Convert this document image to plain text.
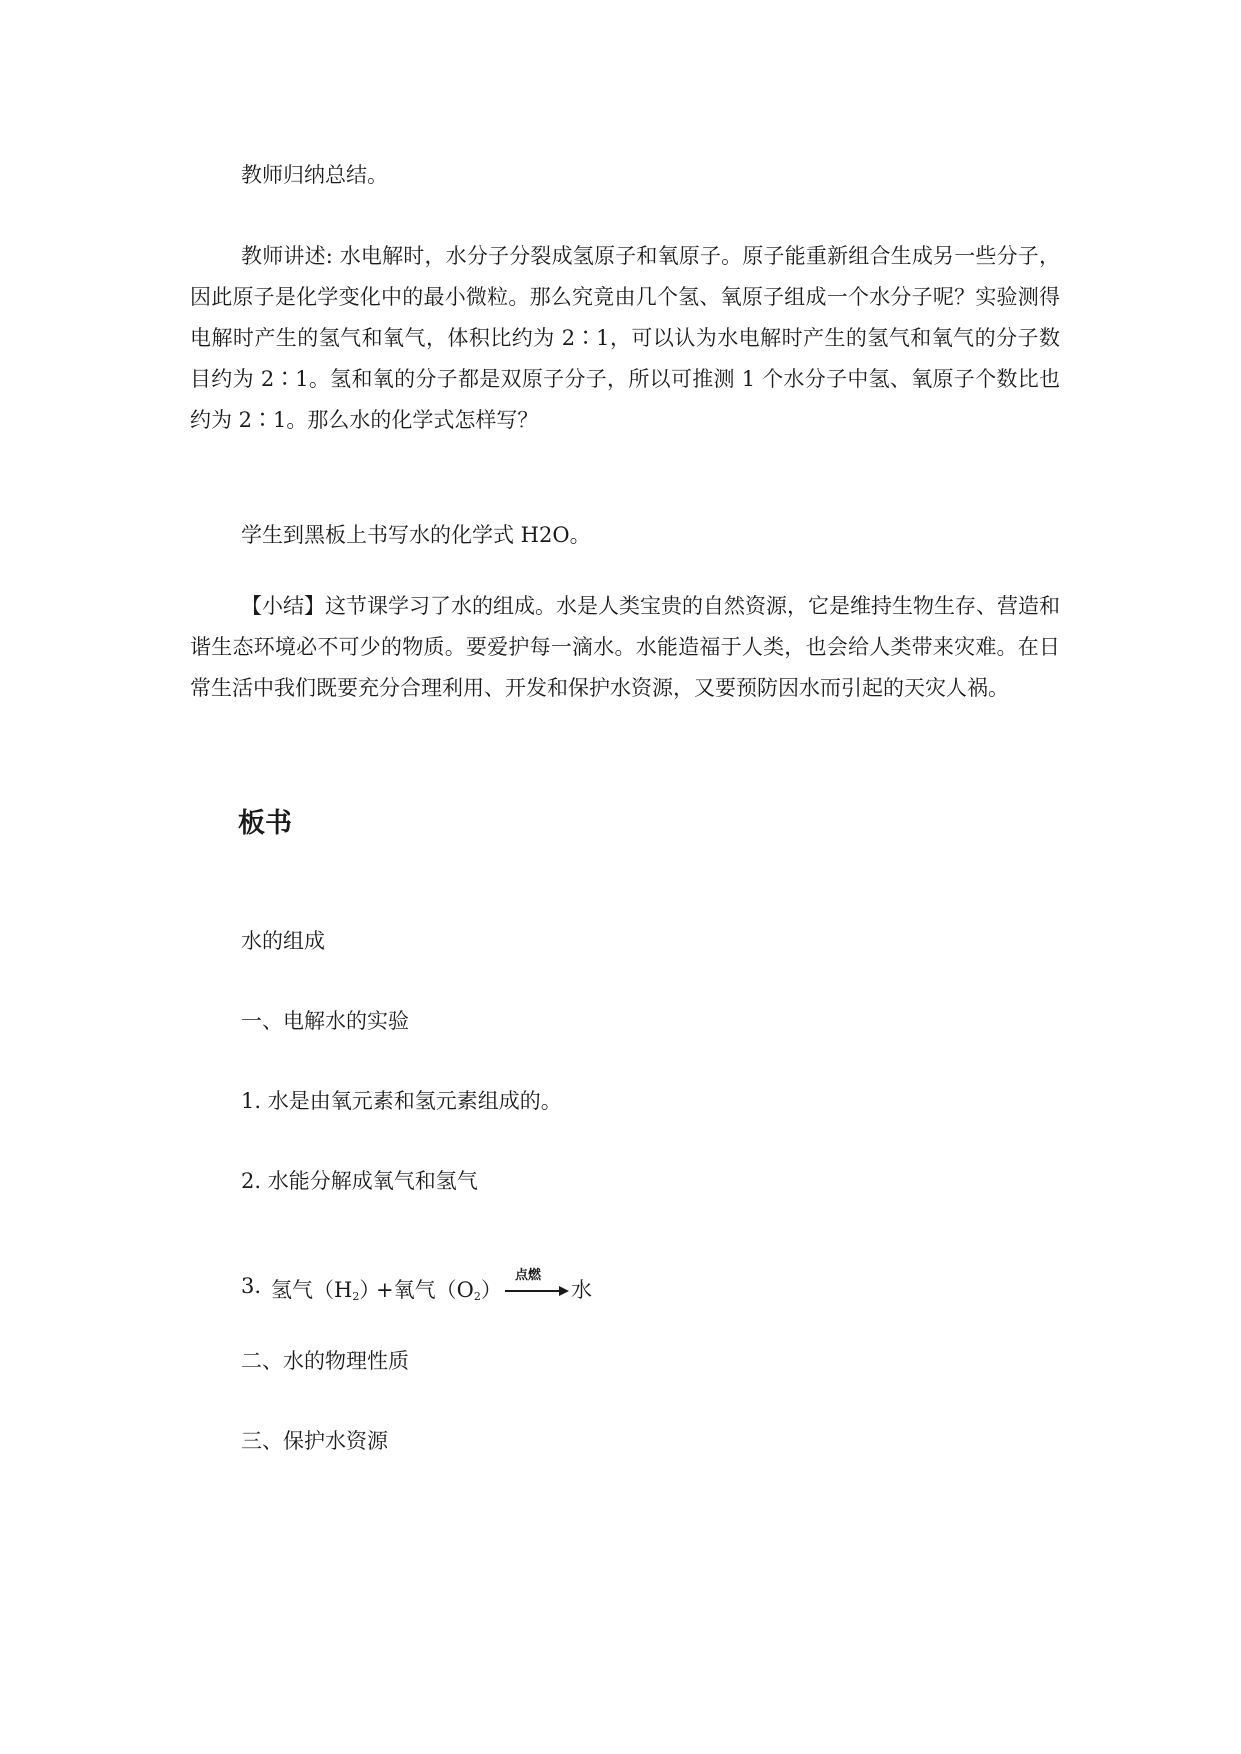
教师归纳总结。

教师讲述: 水电解时，水分子分裂成氢原子和氧原子。原子能重新组合生成另一些分子，因此原子是化学变化中的最小微粒。那么究竟由几个氢、氧原子组成一个水分子呢？实验测得电解时产生的氢气和氧气，体积比约为 2∶1，可以认为水电解时产生的氢气和氧气的分子数目约为 2∶1。氢和氧的分子都是双原子分子，所以可推测 1 个水分子中氢、氧原子个数比也约为 2∶1。那么水的化学式怎样写？

学生到黑板上书写水的化学式 H2O。

【小结】这节课学习了水的组成。水是人类宝贵的自然资源，它是维持生物生存、营造和谐生态环境必不可少的物质。要爱护每一滴水。水能造福于人类，也会给人类带来灾难。在日常生活中我们既要充分合理利用、开发和保护水资源，又要预防因水而引起的天灾人祸。

板书

水的组成

一、电解水的实验

1. 水是由氧元素和氢元素组成的。

2. 水能分解成氧气和氢气

3. 氢气$(H_2)$
+氧气$(O_2)$
点燃
→ 水

二、水的物理性质

三、保护水资源
